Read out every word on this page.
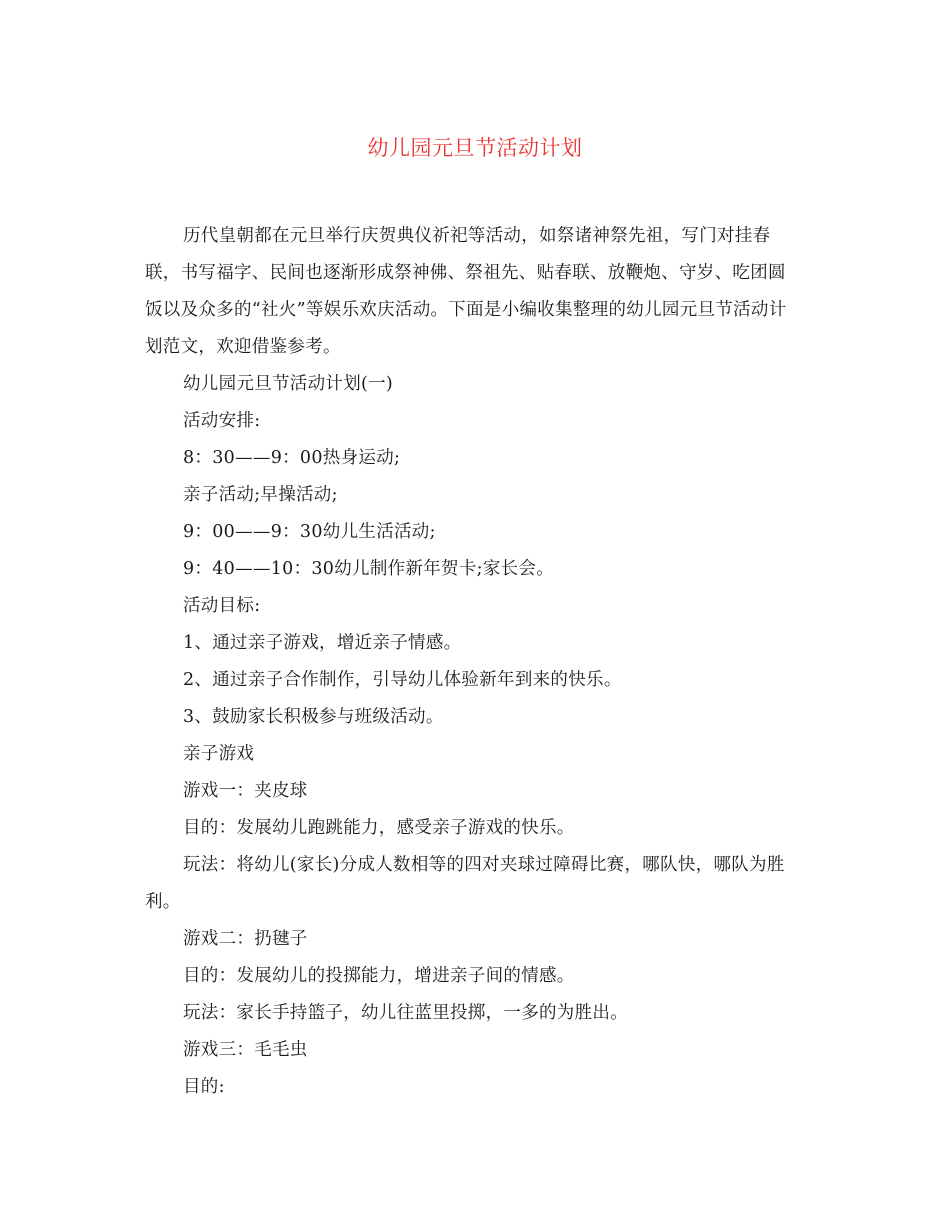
幼儿园元旦节活动计划

历代皇朝都在元旦举行庆贺典仪祈祀等活动，如祭诸神祭先祖，写门对挂春联，书写福字、民间也逐渐形成祭神佛、祭祖先、贴春联、放鞭炮、守岁、吃团圆饭以及众多的“社火”等娱乐欢庆活动。下面是小编收集整理的幼儿园元旦节活动计划范文，欢迎借鉴参考。

幼儿园元旦节活动计划(一)

活动安排:

8：30——9：00热身运动;

亲子活动;早操活动;

9：00——9：30幼儿生活活动;

9：40——10：30幼儿制作新年贺卡;家长会。

活动目标:

1、通过亲子游戏，增近亲子情感。

2、通过亲子合作制作，引导幼儿体验新年到来的快乐。

3、鼓励家长积极参与班级活动。

亲子游戏

游戏一：夹皮球

目的：发展幼儿跑跳能力，感受亲子游戏的快乐。

玩法：将幼儿(家长)分成人数相等的四对夹球过障碍比赛，哪队快，哪队为胜利。

游戏二：扔毽子

目的：发展幼儿的投掷能力，增进亲子间的情感。

玩法：家长手持篮子，幼儿往蓝里投掷，一多的为胜出。

游戏三：毛毛虫

目的:
